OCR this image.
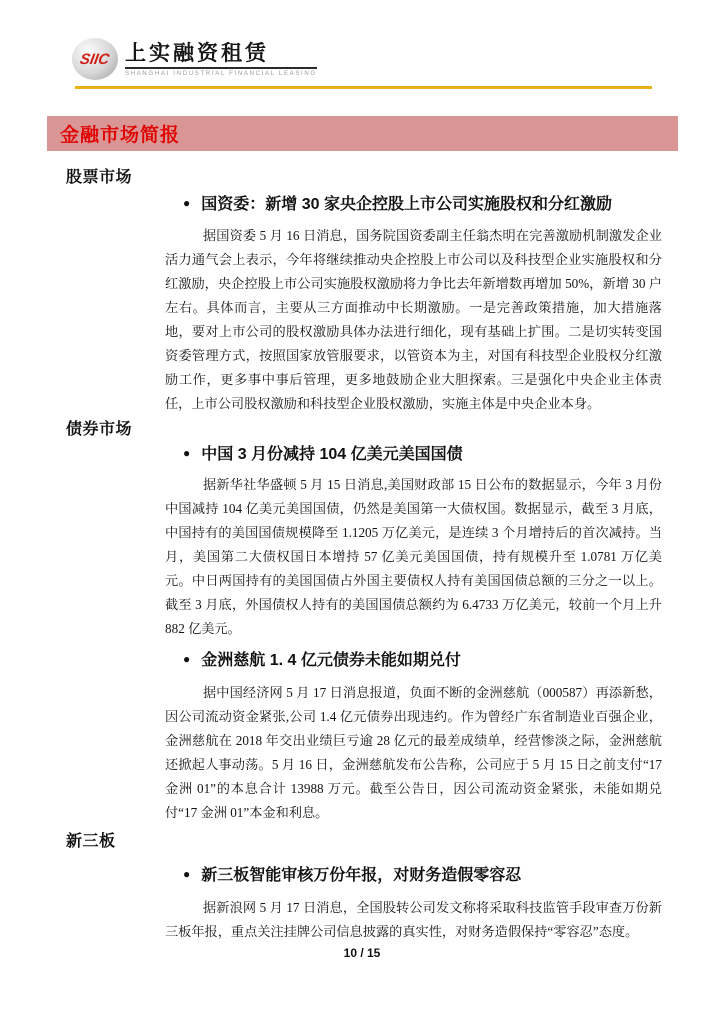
SIIC 上实融资租赁
SHANGHAI INDUSTRIAL FINANCIAL LEASING
金融市场简报
股票市场
● 国资委：新增 30 家央企控股上市公司实施股权和分红激励

据国资委 5 月 16 日消息，国务院国资委副主任翁杰明在完善激励机制激发企业活力通气会上表示，今年将继续推动央企控股上市公司以及科技型企业实施股权和分红激励，央企控股上市公司实施股权激励将力争比去年新增数再增加 50%，新增 30 户左右。具体而言，主要从三方面推动中长期激励。一是完善政策措施，加大措施落地，要对上市公司的股权激励具体办法进行细化，现有基础上扩围。二是切实转变国资委管理方式，按照国家放管服要求，以管资本为主，对国有科技型企业股权分红激励工作，更多事中事后管理，更多地鼓励企业大胆探索。三是强化中央企业主体责任，上市公司股权激励和科技型企业股权激励，实施主体是中央企业本身。

债券市场
● 中国 3 月份减持 104 亿美元美国国债

据新华社华盛顿 5 月 15 日消息,美国财政部 15 日公布的数据显示，今年 3 月份中国减持 104 亿美元美国国债，仍然是美国第一大债权国。数据显示，截至 3 月底，中国持有的美国国债规模降至 1.1205 万亿美元，是连续 3 个月增持后的首次减持。当月，美国第二大债权国日本增持 57 亿美元美国国债，持有规模升至 1.0781 万亿美元。中日两国持有的美国国债占外国主要债权人持有美国国债总额的三分之一以上。截至 3 月底，外国债权人持有的美国国债总额约为 6.4733 万亿美元，较前一个月上升 882 亿美元。

● 金洲慈航 1. 4 亿元债券未能如期兑付

据中国经济网 5 月 17 日消息报道，负面不断的金洲慈航（000587）再添新愁，因公司流动资金紧张,公司 1.4 亿元债券出现违约。作为曾经广东省制造业百强企业，金洲慈航在 2018 年交出业绩巨亏逾 28 亿元的最差成绩单，经营惨淡之际，金洲慈航还掀起人事动荡。5 月 16 日，金洲慈航发布公告称，公司应于 5 月 15 日之前支付“17 金洲 01”的本息合计 13988 万元。截至公告日，因公司流动资金紧张，未能如期兑付“17 金洲 01”本金和利息。

新三板
● 新三板智能审核万份年报，对财务造假零容忍

据新浪网 5 月 17 日消息，全国股转公司发文称将采取科技监管手段审查万份新三板年报，重点关注挂牌公司信息披露的真实性，对财务造假保持“零容忍”态度。

10 / 15
